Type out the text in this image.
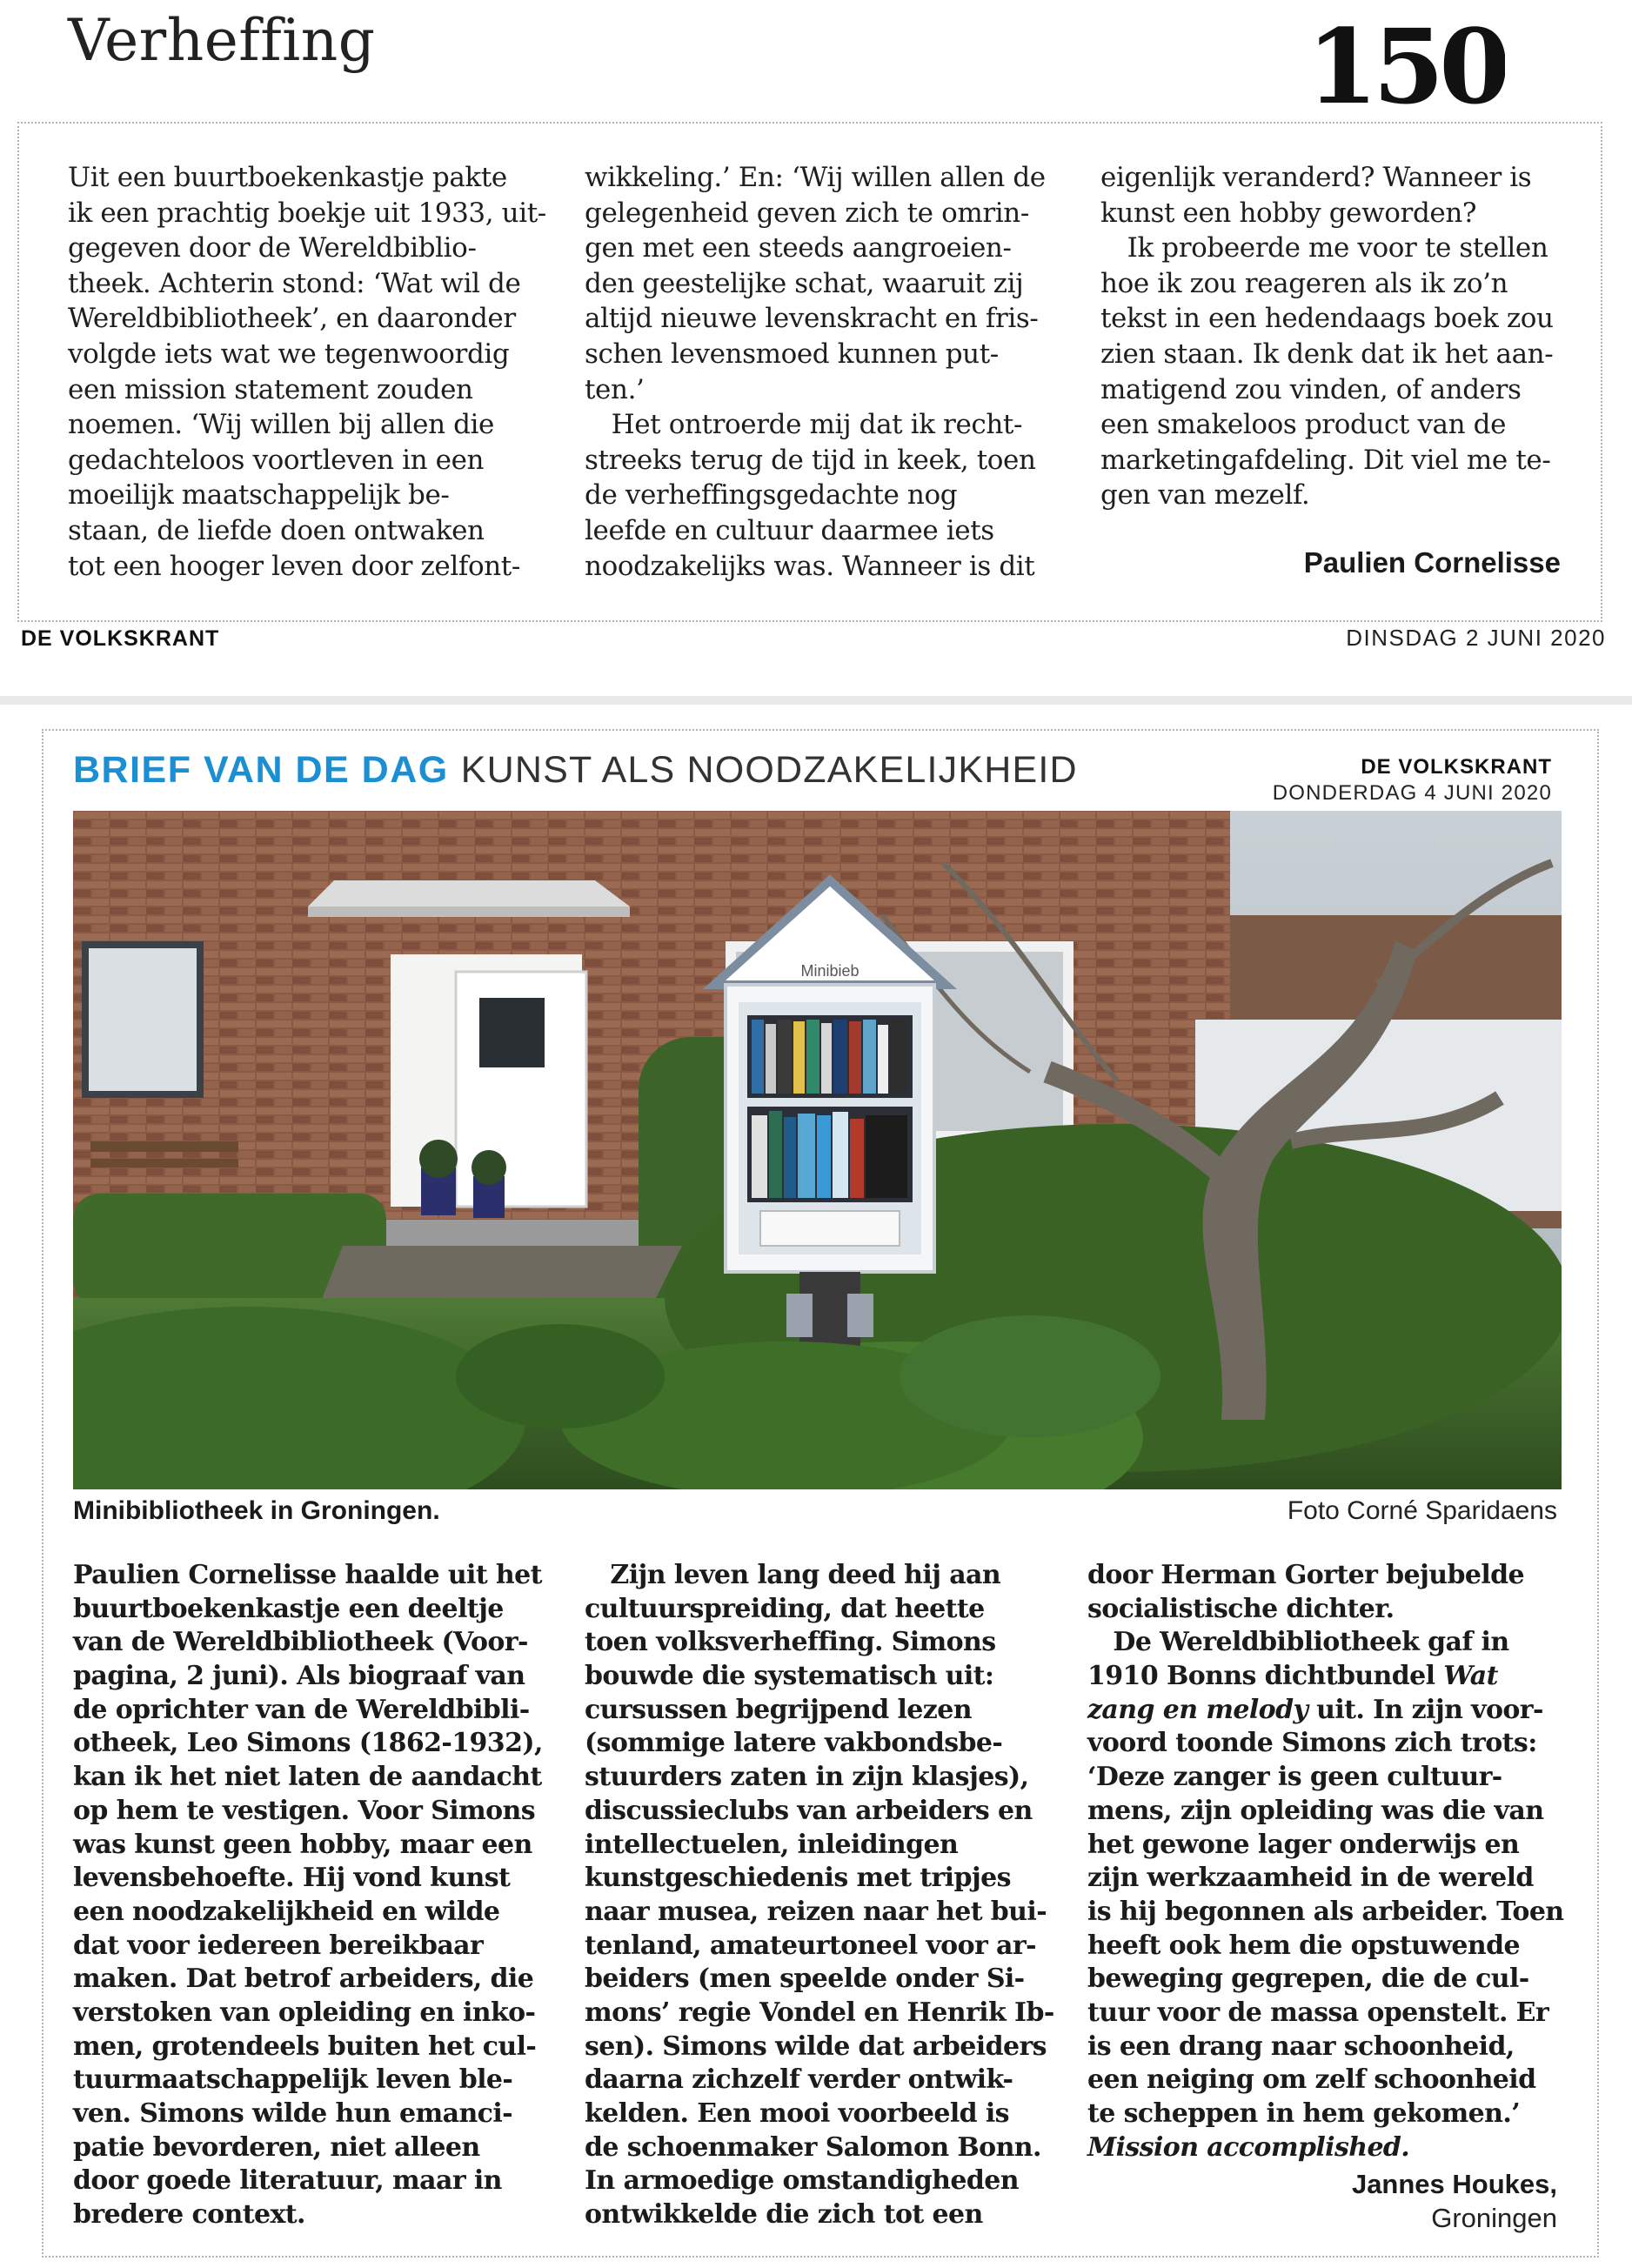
Verheffing	150
Uit een buurtboekenkastje pakte
ik een prachtig boekje uit 1933, uit-
gegeven door de Wereldbiblio-
theek. Achterin stond: ‘Wat wil de
Wereldbibliotheek’, en daaronder
volgde iets wat we tegenwoordig
een mission statement zouden
noemen. ‘Wij willen bij allen die
gedachteloos voortleven in een
moeilijk maatschappelijk be-
staan, de liefde doen ontwaken
tot een hooger leven door zelfont-
wikkeling.’ En: ‘Wij willen allen de
gelegenheid geven zich te omrin-
gen met een steeds aangroeien-
den geestelijke schat, waaruit zij
altijd nieuwe levenskracht en fris-
schen levensmoed kunnen put-
ten.’
 Het ontroerde mij dat ik recht-
streeks terug de tijd in keek, toen
de verheffingsgedachte nog
leefde en cultuur daarmee iets
noodzakelijks was. Wanneer is dit
eigenlijk veranderd? Wanneer is
kunst een hobby geworden?
 Ik probeerde me voor te stellen
hoe ik zou reageren als ik zo’n
tekst in een hedendaags boek zou
zien staan. Ik denk dat ik het aan-
matigend zou vinden, of anders
een smakeloos product van de
marketingafdeling. Dit viel me te-
gen van mezelf.
Paulien Cornelisse
DE VOLKSKRANT	DINSDAG 2 JUNI 2020
BRIEF VAN DE DAG KUNST ALS NOODZAKELIJKHEID	DE VOLKSKRANT
DONDERDAG 4 JUNI 2020
Minibieb
Minibibliotheek in Groningen.	Foto Corné Sparidaens
Paulien Cornelisse haalde uit het
buurtboekenkastje een deeltje
van de Wereldbibliotheek (Voor-
pagina, 2 juni). Als biograaf van
de oprichter van de Wereldbibli-
otheek, Leo Simons (1862-1932),
kan ik het niet laten de aandacht
op hem te vestigen. Voor Simons
was kunst geen hobby, maar een
levensbehoefte. Hij vond kunst
een noodzakelijkheid en wilde
dat voor iedereen bereikbaar
maken. Dat betrof arbeiders, die
verstoken van opleiding en inko-
men, grotendeels buiten het cul-
tuurmaatschappelijk leven ble-
ven. Simons wilde hun emanci-
patie bevorderen, niet alleen
door goede literatuur, maar in
bredere context.
 Zijn leven lang deed hij aan
cultuurspreiding, dat heette
toen volksverheffing. Simons
bouwde die systematisch uit:
cursussen begrijpend lezen
(sommige latere vakbondsbe-
stuurders zaten in zijn klasjes),
discussieclubs van arbeiders en
intellectuelen, inleidingen
kunstgeschiedenis met tripjes
naar musea, reizen naar het bui-
tenland, amateurtoneel voor ar-
beiders (men speelde onder Si-
mons’ regie Vondel en Henrik Ib-
sen). Simons wilde dat arbeiders
daarna zichzelf verder ontwik-
kelden. Een mooi voorbeeld is
de schoenmaker Salomon Bonn.
In armoedige omstandigheden
ontwikkelde die zich tot een
door Herman Gorter bejubelde
socialistische dichter.
 De Wereldbibliotheek gaf in
1910 Bonns dichtbundel Wat
zang en melody uit. In zijn voor-
voord toonde Simons zich trots:
‘Deze zanger is geen cultuur-
mens, zijn opleiding was die van
het gewone lager onderwijs en
zijn werkzaamheid in de wereld
is hij begonnen als arbeider. Toen
heeft ook hem die opstuwende
beweging gegrepen, die de cul-
tuur voor de massa openstelt. Er
is een drang naar schoonheid,
een neiging om zelf schoonheid
te scheppen in hem gekomen.’
Mission accomplished.
Jannes Houkes,
Groningen
